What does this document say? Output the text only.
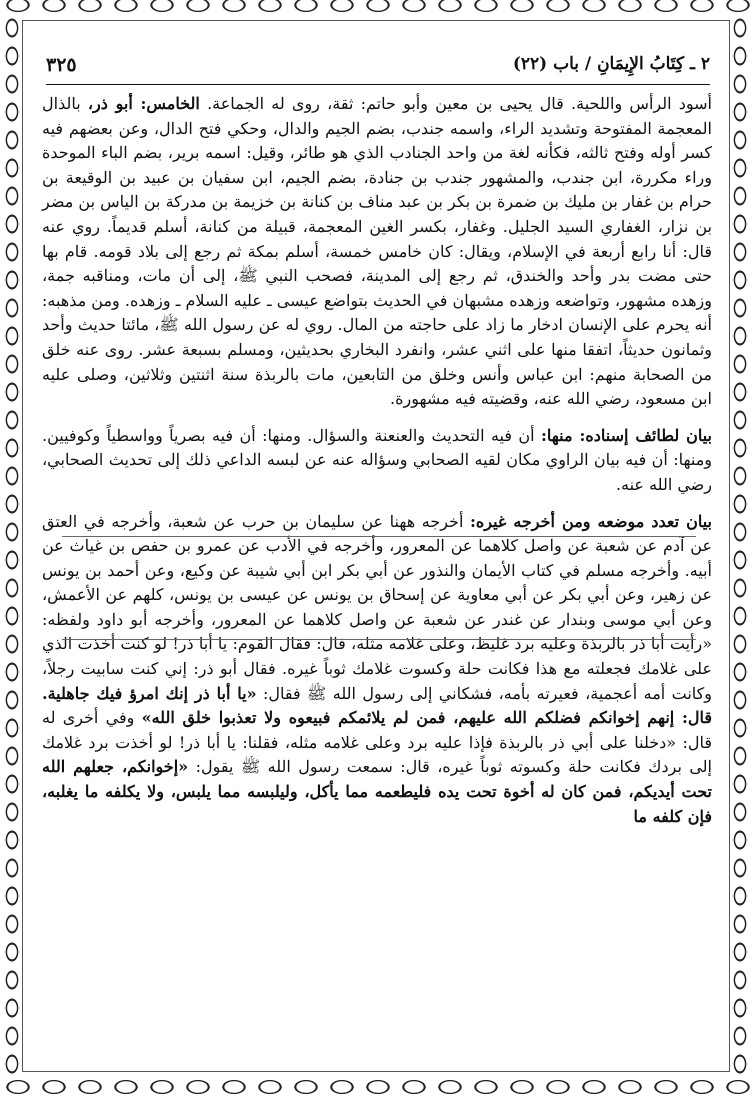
٣٢٥	٢ ـ كِتَابُ الإِيمَانِ / باب (٢٢)

أسود الرأس واللحية. قال يحيى بن معين وأبو حاتم: ثقة، روى له الجماعة. الخامس: أبو ذر، بالذال المعجمة المفتوحة وتشديد الراء، واسمه جندب، بضم الجيم والدال، وحكي فتح الدال، وعن بعضهم فيه كسر أوله وفتح ثالثه، فكأنه لغة من واحد الجنادب الذي هو طائر، وقيل: اسمه برير، بضم الباء الموحدة وراء مكررة، ابن جندب، والمشهور جندب بن جنادة، بضم الجيم، ابن سفيان بن عبيد بن الوقيعة بن حرام بن غفار بن مليك بن ضمرة بن بكر بن عبد مناف بن كنانة بن خزيمة بن مدركة بن الياس بن مضر بن نزار، الغفاري السيد الجليل. وغفار، بكسر الغين المعجمة، قبيلة من كنانة، أسلم قديماً. روي عنه قال: أنا رابع أربعة في الإسلام، ويقال: كان خامس خمسة، أسلم بمكة ثم رجع إلى بلاد قومه. قام بها حتى مضت بدر وأحد والخندق، ثم رجع إلى المدينة، فصحب النبي ﷺ، إلى أن مات، ومناقبه جمة، وزهده مشهور، وتواضعه وزهده مشبهان في الحديث بتواضع عيسى ـ عليه السلام ـ وزهده. ومن مذهبه: أنه يحرم على الإنسان ادخار ما زاد على حاجته من المال. روي له عن رسول الله ﷺ، مائتا حديث وأحد وثمانون حديثاً، اتفقا منها على اثني عشر، وانفرد البخاري بحديثين، ومسلم بسبعة عشر. روى عنه خلق من الصحابة منهم: ابن عباس وأنس وخلق من التابعين، مات بالربذة سنة اثنتين وثلاثين، وصلى عليه ابن مسعود، رضي الله عنه، وقضيته فيه مشهورة.

بيان لطائف إسناده: منها: أن فيه التحديث والعنعنة والسؤال. ومنها: أن فيه بصرياً وواسطياً وكوفيين. ومنها: أن فيه بيان الراوي مكان لقيه الصحابي وسؤاله عنه عن لبسه الداعي ذلك إلى تحديث الصحابي، رضي الله عنه.

بيان تعدد موضعه ومن أخرجه غيره: أخرجه ههنا عن سليمان بن حرب عن شعبة، وأخرجه في العتق عن آدم عن شعبة عن واصل كلاهما عن المعرور، وأخرجه في الأدب عن عمرو بن حفص بن غياث عن أبيه. وأخرجه مسلم في كتاب الأيمان والنذور عن أبي بكر ابن أبي شيبة عن وكيع، وعن أحمد بن يونس عن زهير، وعن أبي بكر عن أبي معاوية عن إسحاق بن يونس عن عيسى بن يونس، كلهم عن الأعمش، وعن أبي موسى وبندار عن غندر عن شعبة عن واصل كلاهما عن المعرور، وأخرجه أبو داود ولفظه: «رأيت أبا ذر بالربذة وعليه برد غليظ، وعلى غلامه مثله، قال: فقال القوم: يا أبا ذر! لو كنت أخذت الذي على غلامك فجعلته مع هذا فكانت حلة وكسوت غلامك ثوباً غيره. فقال أبو ذر: إني كنت سابيت رجلاً، وكانت أمه أعجمية، فعيرته بأمه، فشكاني إلى رسول الله ﷺ فقال: «يا أبا ذر إنك امرؤ فيك جاهلية. قال: إنهم إخوانكم فضلكم الله عليهم، فمن لم يلائمكم فبيعوه ولا تعذبوا خلق الله» وفي أخرى له قال: «دخلنا على أبي ذر بالربذة فإذا عليه برد وعلى غلامه مثله، فقلنا: يا أبا ذر! لو أخذت برد غلامك إلى بردك فكانت حلة وكسوته ثوباً غيره، قال: سمعت رسول الله ﷺ يقول: «إخوانكم، جعلهم الله تحت أيديكم، فمن كان له أخوة تحت يده فليطعمه مما يأكل، وليلبسه مما يلبس، ولا يكلفه ما يغلبه، فإن كلفه ما
